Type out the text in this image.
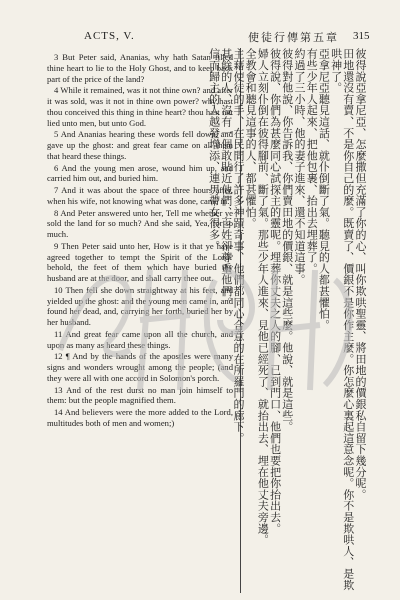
ACTS, V.	使徒行傳第五章 315

3 But Peter said, Ananias, why hath Satan filled thine heart to lie to the Holy Ghost, and to keep back part of the price of the land?

4 While it remained, was it not thine own? and after it was sold, was it not in thine own power? why hast thou conceived this thing in thine heart? thou hast not lied unto men, but unto God.

5 And Ananias hearing these words fell down, and gave up the ghost: and great fear came on all them that heard these things.

6 And the young men arose, wound him up, and carried him out, and buried him.

7 And it was about the space of three hours after, when his wife, not knowing what was done, came in.

8 And Peter answered unto her, Tell me whether ye sold the land for so much? And she said, Yea, for so much.

9 Then Peter said unto her, How is it that ye have agreed together to tempt the Spirit of the Lord? behold, the feet of them which have buried thy husband are at the door, and shall carry thee out.

10 Then fell she down straightway at his feet, and yielded up the ghost: and the young men came in, and found her dead, and, carrying her forth, buried her by her husband.

11 And great fear came upon all the church, and upon as many as heard these things.

12 ¶ And by the hands of the apostles were many signs and wonders wrought among the people; (and they were all with one accord in Solomon's porch.

13 And of the rest durst no man join himself to them: but the people magnified them.

14 And believers were the more added to the Lord, multitudes both of men and women;)	彼得說亞拿尼亞、怎麼撒但充滿了你的心、叫你欺哄聖靈、將田地的價銀私自留下幾分呢。
田地還沒有賣、不是你自己的麼。既賣了、價銀不是你作主麼。你怎麼心裏起這意念呢。你不是欺哄人、是欺哄神了。
亞拿尼亞聽見這話、就仆倒斷了氣。聽見的人都甚懼怕。
有些少年人起來、把他包裹、抬出去埋葬了。
約過了三小時、他的妻子進來、還不知道這事。
彼得對他說、你告訴我、你們賣田地的價銀、就是這些麼。他說、就是這些。
彼得說、你們為甚麼同心試探主的靈呢。埋葬你丈夫之人的腳、已到門口、他們也要把你抬出去。
婦人立刻仆倒在彼得腳前、斷了氣。那些少年人進來、見他已經死了、就抬出去、埋在他丈夫旁邊。
全教會和聽見這事的人、都甚懼怕。
主藉使徒的手、在民間行了許多神蹟奇事、他們都同心合意的在所羅門的廊下。
其餘的人、沒有一個敢貼近他們、百姓卻尊重他們。
信而歸主的人越發增添、連男帶女很多。
